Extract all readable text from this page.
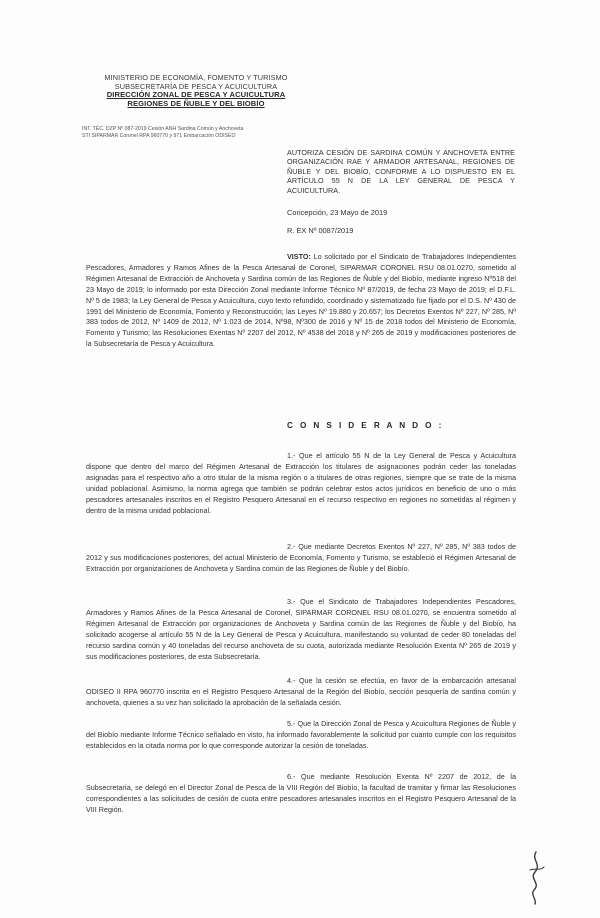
MINISTERIO DE ECONOMÍA, FOMENTO Y TURISMO
SUBSECRETARÍA DE PESCA Y ACUICULTURA
DIRECCIÓN ZONAL DE PESCA Y ACUICULTURA
REGIONES DE ÑUBLE Y DEL BIOBÍO
INT. TÉC. DZP Nº 087-2019 Cesión ANH Sardina Común y Anchoveta
STI SIPARMAR Coronel RPA 960770 y 971 Embarcación ODISEO
AUTORIZA CESIÓN DE SARDINA COMÚN Y ANCHOVETA ENTRE ORGANIZACIÓN RAE Y ARMADOR ARTESANAL, REGIONES DE ÑUBLE Y DEL BIOBÍO, CONFORME A LO DISPUESTO EN EL ARTÍCULO 55 N DE LA LEY GENERAL DE PESCA Y ACUICULTURA.
Concepción, 23 Mayo de 2019
R. EX Nº 0087/2019
VISTO: Lo solicitado por el Sindicato de Trabajadores Independientes Pescadores, Armadores y Ramos Afines de la Pesca Artesanal de Coronel, SIPARMAR CORONEL RSU 08.01.0270, sometido al Régimen Artesanal de Extracción de Anchoveta y Sardina común de las Regiones de Ñuble y del Biobío, mediante ingreso Nº518 del 23 Mayo de 2019; lo informado por esta Dirección Zonal mediante Informe Técnico Nº 87/2019, de fecha 23 Mayo de 2019; el D.F.L. Nº 5 de 1983; la Ley General de Pesca y Acuicultura, cuyo texto refundido, coordinado y sistematizado fue fijado por el D.S. Nº 430 de 1991 del Ministerio de Economía, Fomento y Reconstrucción; las Leyes Nº 19.880 y 20.657; los Decretos Exentos Nº 227, Nº 285, Nº 383 todos de 2012, Nº 1409 de 2012, Nº 1.023 de 2014, Nº98, Nº300 de 2016 y Nº 15 de 2018 todos del Ministerio de Economía, Fomento y Turismo; las Resoluciones Exentas Nº 2207 del 2012, Nº 4538 del 2018 y Nº 265 de 2019 y modificaciones posteriores de la Subsecretaría de Pesca y Acuicultura.
C O N S I D E R A N D O :

1.- Que el artículo 55 N de la Ley General de Pesca y Acuicultura dispone que dentro del marco del Régimen Artesanal de Extracción los titulares de asignaciones podrán ceder las toneladas asignadas para el respectivo año a otro titular de la misma región o a titulares de otras regiones, siempre que se trate de la misma unidad poblacional. Asimismo, la norma agrega que también se podrán celebrar estos actos jurídicos en beneficio de uno o más pescadores artesanales inscritos en el Registro Pesquero Artesanal en el recurso respectivo en regiones no sometidas al régimen y dentro de la misma unidad poblacional.

2.- Que mediante Decretos Exentos Nº 227, Nº 285, Nº 383 todos de 2012 y sus modificaciones posteriores, del actual Ministerio de Economía, Fomento y Turismo, se estableció el Régimen Artesanal de Extracción por organizaciones de Anchoveta y Sardina común de las Regiones de Ñuble y del Biobío.

3.- Que el Sindicato de Trabajadores Independientes Pescadores, Armadores y Ramos Afines de la Pesca Artesanal de Coronel, SIPARMAR CORONEL RSU 08.01.0270, se encuentra sometido al Régimen Artesanal de Extracción por organizaciones de Anchoveta y Sardina común de las Regiones de Ñuble y del Biobío, ha solicitado acogerse al artículo 55 N de la Ley General de Pesca y Acuicultura, manifestando su voluntad de ceder 80 toneladas del recurso sardina común y 40 toneladas del recurso anchoveta de su cuota, autorizada mediante Resolución Exenta Nº 265 de 2019 y sus modificaciones posteriores, de esta Subsecretaría.

4.- Que la cesión se efectúa, en favor de la embarcación artesanal ODISEO II RPA 960770 inscrita en el Registro Pesquero Artesanal de la Región del Biobío, sección pesquería de sardina común y anchoveta, quienes a su vez han solicitado la aprobación de la señalada cesión.

5.- Que la Dirección Zonal de Pesca y Acuicultura Regiones de Ñuble y del Biobío mediante Informe Técnico señalado en visto, ha informado favorablemente la solicitud por cuanto cumple con los requisitos establecidos en la citada norma por lo que corresponde autorizar la cesión de toneladas.

6.- Que mediante Resolución Exenta Nº 2207 de 2012, de la Subsecretaría, se delegó en el Director Zonal de Pesca de la VIII Región del Biobío, la facultad de tramitar y firmar las Resoluciones correspondientes a las solicitudes de cesión de cuota entre pescadores artesanales inscritos en el Registro Pesquero Artesanal de la VIII Región.
